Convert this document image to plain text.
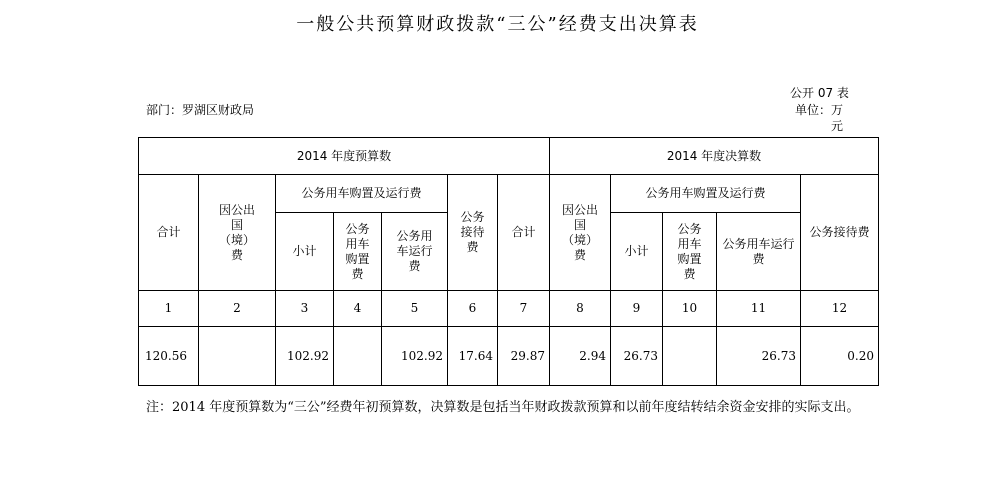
一般公共预算财政拨款“三公”经费支出决算表
部门：罗湖区财政局
公开 07 表
单位：万元
2014 年度预算数							2014 年度决算数				
合计	因公出国（境）费	公务用车购置及运行费			公务接待费	合计	因公出国（境）费	公务用车购置及运行费			公务接待费
		小计	公务用车购置费	公务用车运行费				小计	公务用车购置费	公务用车运行费	
1	2	3	4	5	6	7	8	9	10	11	12
120.56		102.92		102.92	17.64	29.87	2.94	26.73		26.73	0.20
注：2014 年度预算数为“三公”经费年初预算数，决算数是包括当年财政拨款预算和以前年度结转结余资金安排的实际支出。
